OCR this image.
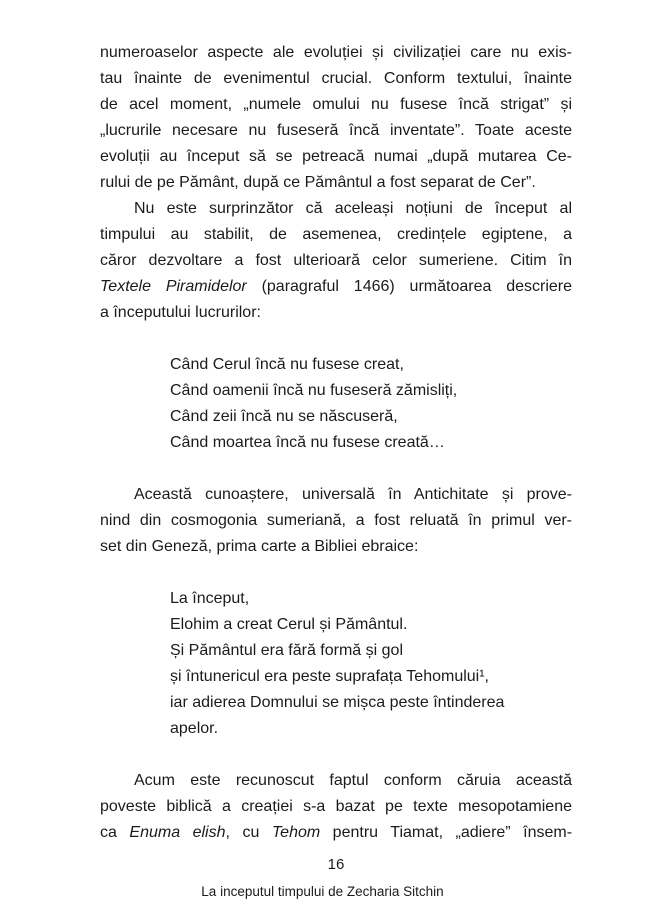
numeroaselor aspecte ale evoluției și civilizației care nu exis-
tau înainte de evenimentul crucial. Conform textului, înainte
de acel moment, „numele omului nu fusese încă strigat” și
„lucrurile necesare nu fuseseră încă inventate”. Toate aceste
evoluții au început să se petreacă numai „după mutarea Ce-
rului de pe Pământ, după ce Pământul a fost separat de Cer”.
Nu este surprinzător că aceleași noțiuni de început al
timpului au stabilit, de asemenea, credințele egiptene, a
căror dezvoltare a fost ulterioară celor sumeriene. Citim în
Textele Piramidelor (paragraful 1466) următoarea descriere
a începutului lucrurilor:
Când Cerul încă nu fusese creat,
Când oamenii încă nu fuseseră zămisliți,
Când zeii încă nu se născuseră,
Când moartea încă nu fusese creată…
Această cunoaștere, universală în Antichitate și prove-
nind din cosmogonia sumeriană, a fost reluată în primul ver-
set din Geneză, prima carte a Bibliei ebraice:
La început,
Elohim a creat Cerul și Pământul.
Și Pământul era fără formă și gol
și întunericul era peste suprafața Tehomului¹,
iar adierea Domnului se mișca peste întinderea
apelor.
Acum este recunoscut faptul conform căruia această
poveste biblică a creației s-a bazat pe texte mesopotamiene
ca Enuma elish, cu Tehom pentru Tiamat, „adiere” însem-
16
La inceputul timpului de Zecharia Sitchin
